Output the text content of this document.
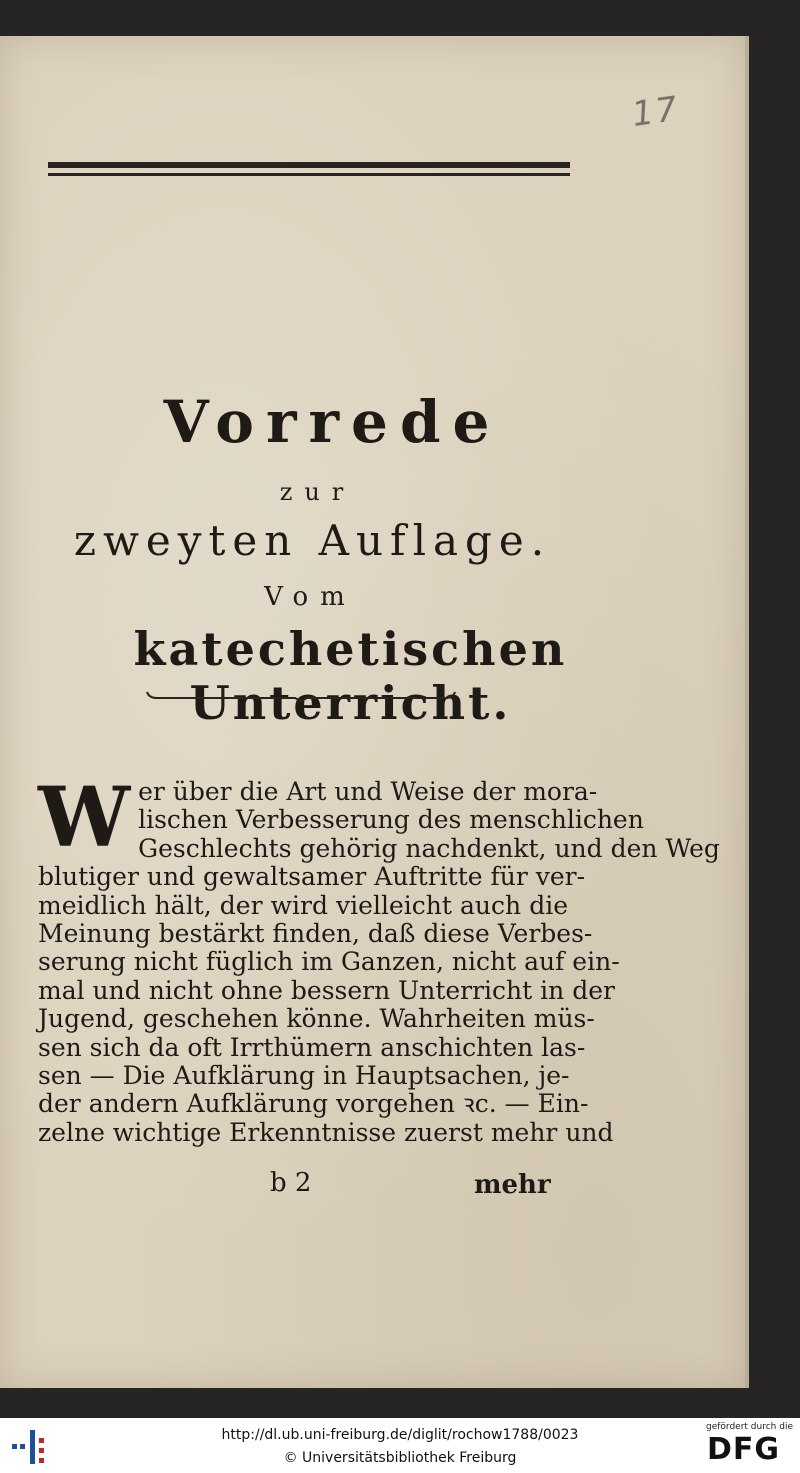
17
Vorrede
zur
zweyten Auflage.
Vom
katechetischen Unterricht.
W er über die Art und Weise der mora-
lischen Verbesserung des menschlichen
Geschlechts gehörig nachdenkt, und den Weg
blutiger und gewaltsamer Auftritte für ver-
meidlich hält, der wird vielleicht auch die
Meinung bestärkt finden, daß diese Verbes-
serung nicht füglich im Ganzen, nicht auf ein-
mal und nicht ohne bessern Unterricht in der
Jugend, geschehen könne. Wahrheiten müs-
sen sich da oft Irrthümern anschichten las-
sen — Die Aufklärung in Hauptsachen, je-
der andern Aufklärung vorgehen ꝛc. — Ein-
zelne wichtige Erkenntnisse zuerst mehr und
b 2	mehr
http://dl.ub.uni-freiburg.de/diglit/rochow1788/0023
© Universitätsbibliothek Freiburg
gefördert durch die
DFG
